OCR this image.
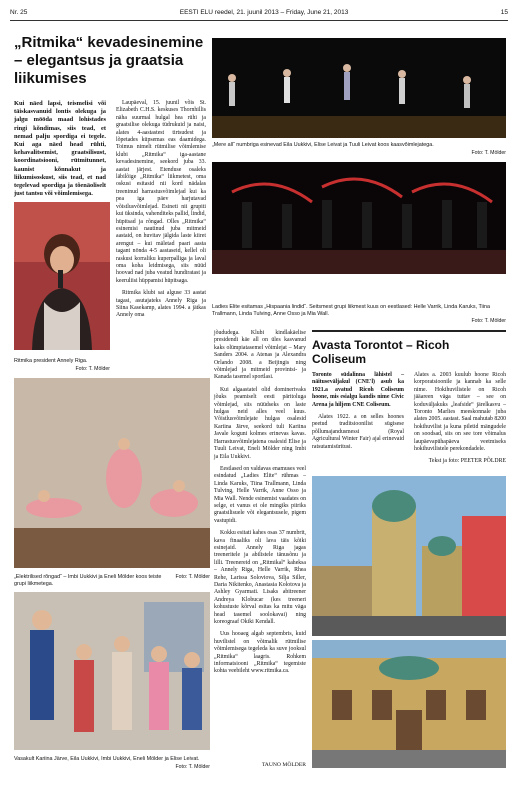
Nr. 25	EESTI ELU reedel, 21. juunil 2013 – Friday, June 21, 2013	15
„Ritmika“ kevadesinemine – elegantsus ja graatsia liikumises

Kui näed lapsi, teismelisi või täiskasvanuid lontis olekuga ja jalgu mööda maad lohistades ringi kõndimas, siis tead, et nemad palju spordiga ei tegele. Kui aga näed head rühti, kehavalitsemist, graatsilisust, koordinatsiooni, rütmitunnet, kaunist kõnnakut ja liikumisoskust, siis tead, et nad tegelevad spordiga ja tõenäoliselt just tantsu või võimlemisega.

Ritmika president Annely Riga.

Foto: T. Mölder

Laupäeval, 15. juunil võis St. Elizabeth C.H.S. keskuses Thornhillis näha suurmal hulgal hea rühi ja graatsilise olekuga tüdrukuid ja naisi, alates 4-aastastest tirtsudest ja lõpetades küpsemas eas daamidega. Toimus nimelt rütmilise võimlemise klubi „Ritmika“ iga-aastane kevadesinemine, seekord juba 33. aastat järjest. Etenduse osaleks läbilõige „Ritmika“ liikmetest, oma oskusi esitasid nii kord nädalas treeninud harrastusvõimlejad kui ka pea iga päev harjutavad võistlusvõimlejad. Esineti nii grupiti kui üksinda, vahenditeks pallid, lindid, hüpitsad ja rõngad. Olles „Ritmika“ esinemisi nautinud juba mitmeid aastaid, on huvitav jälgida laste kiiret arengut – kui mäletad paari aasta tagant nönda 4-5 aastaseid, kellel oli raskusi korraliku kuperpalliga ja laval oma koha leidmisega, siis nüüd hoovad nad juba veatud hundiratast ja keeruliisi hüppamisi hüpitsaga.

Ritmika klubi sai alguse 33 aastat tagasi, asutajateks Annely Riga ja Siina Kasekamp, alates 1994. a jätkas Annely oma

„Mere all“ numbriga esinevad Eila Uukkivi, Elise Leivat ja Tuuli Leivat koos kaasvõimlejatega.

Foto: T. Mölder

Ladies Elite esitamas „Hispaania lindid“. Seitsmest grupi liikmest kuus on eestlased: Helle Varrik, Linda Karuks, Tiina Trallmann, Linda Tulving, Anne Osso ja Mia Wall.

Foto: T. Mölder

„Elektrilised rõngad“ – Imbi Uukkivi ja Eneli Mölder koos teiste grupi liikmetega.

Foto: T. Mölder

Vasakult Kariina Järve, Eila Uukkivi, Imbi Uukkivi, Eneli Mölder ja Elise Leivat.

Foto: T. Mölder

jõududega. Klubi kindlakäelise presidendi käe all on üles kasvanud kaks olümpiatasemel võimlejat – Mary Sanders 2004. a Atenas ja Alexandra Orlando 2008. a Beijingis ning võimlejad ja mitmeid provintsi- ja Kanada tasemel sportlasi.

Kui algaastatel olid dominerivaks jõuks peamiselt eesti päritoluga võimlejad, siis nüüdseks on laste hulgas neid alles veel kuus. Võistlusvõimlejate hulgas osalesid Kariina Järve, seekord tuli Kariina Javale koguni kolmes erinevas kavas. Harrastusvõimlejatena osalesid Elise ja Tuuli Leivat, Eneli Mölder ning Imbi ja Eila Uukkivi.

Eestlased on valdavas enamuses veel esindatud „Ladies Elite“ rühmas – Linda Karuks, Tiina Trallmann, Linda Tulving, Helle Varrik, Anne Osso ja Mia Wall. Nende esinemist vaadates on selge, et vanus ei ole mingiks piiriks graatsilisuele või elegantsusele, pigem vastupidi.

Kokku esitati kahes osas 37 numbrit, kava finaaliks oli lava täis kõiki esinejaid. Annely Riga jagas treeneritele ja abilistele tänusõnu ja lilli. Treenereid on „Ritmikal“ kaheksa – Annely Riga, Helle Varrik, Rhea Rehe, Larissa Soloviova, Silja Siller, Daria Nikitenko, Anastasia Kolotova ja Ashley Gyarmati. Lisaks abitreener Andreya Klobucar (kes treeneri kohustuste kõrval esitas ka mitu väga head tasemel soolokavai) ning koreograaf Okiki Kendall.

Uus hooaeg algab septembris, kuid huvilistel on võimalik rütmilise võimlemisega tegeleda ka suve jooksul „Ritmika“ laagris. Rohkem informatsiooni „Ritmika“ tegemiste kohta veebileht www.ritmika.ca.

TAUNO MÖLDER

Avasta Torontot – Ricoh Coliseum

Toronto südalinna lähistel – näituseväljakul (CNE'l) asub ka 1921.a avatud Ricoh Coliseum hoone, mis esialgu kandis nime Civic Arena ja hiljem CNE Coliseum.

Alates 1922. a on selles hoones peetud traditsioonilist sügisese põllumajandusmessi (Royal Agricultural Winter Fair) ajal erinevaid ratsutamisüritusi.

Alates a. 2003 kuulub hoone Ricoh korporatsioonile ja kannab ka selle nime. Hokihuvilistele on Ricoh jääareen väga tuttav – see on koduväljakuks „leafside“ järelkasvu – Toronto Marlies meeskonnale juba alates 2005. aastast. Saal mahutab 8200 hokihuvilist ja kuna piletid mängudele on soodsad, siis on see tore võimalus laupäevapühapäeva veetmiseks hokihuvilistele perekondadele.

Tekst ja foto: PEETER PÕLDRE
